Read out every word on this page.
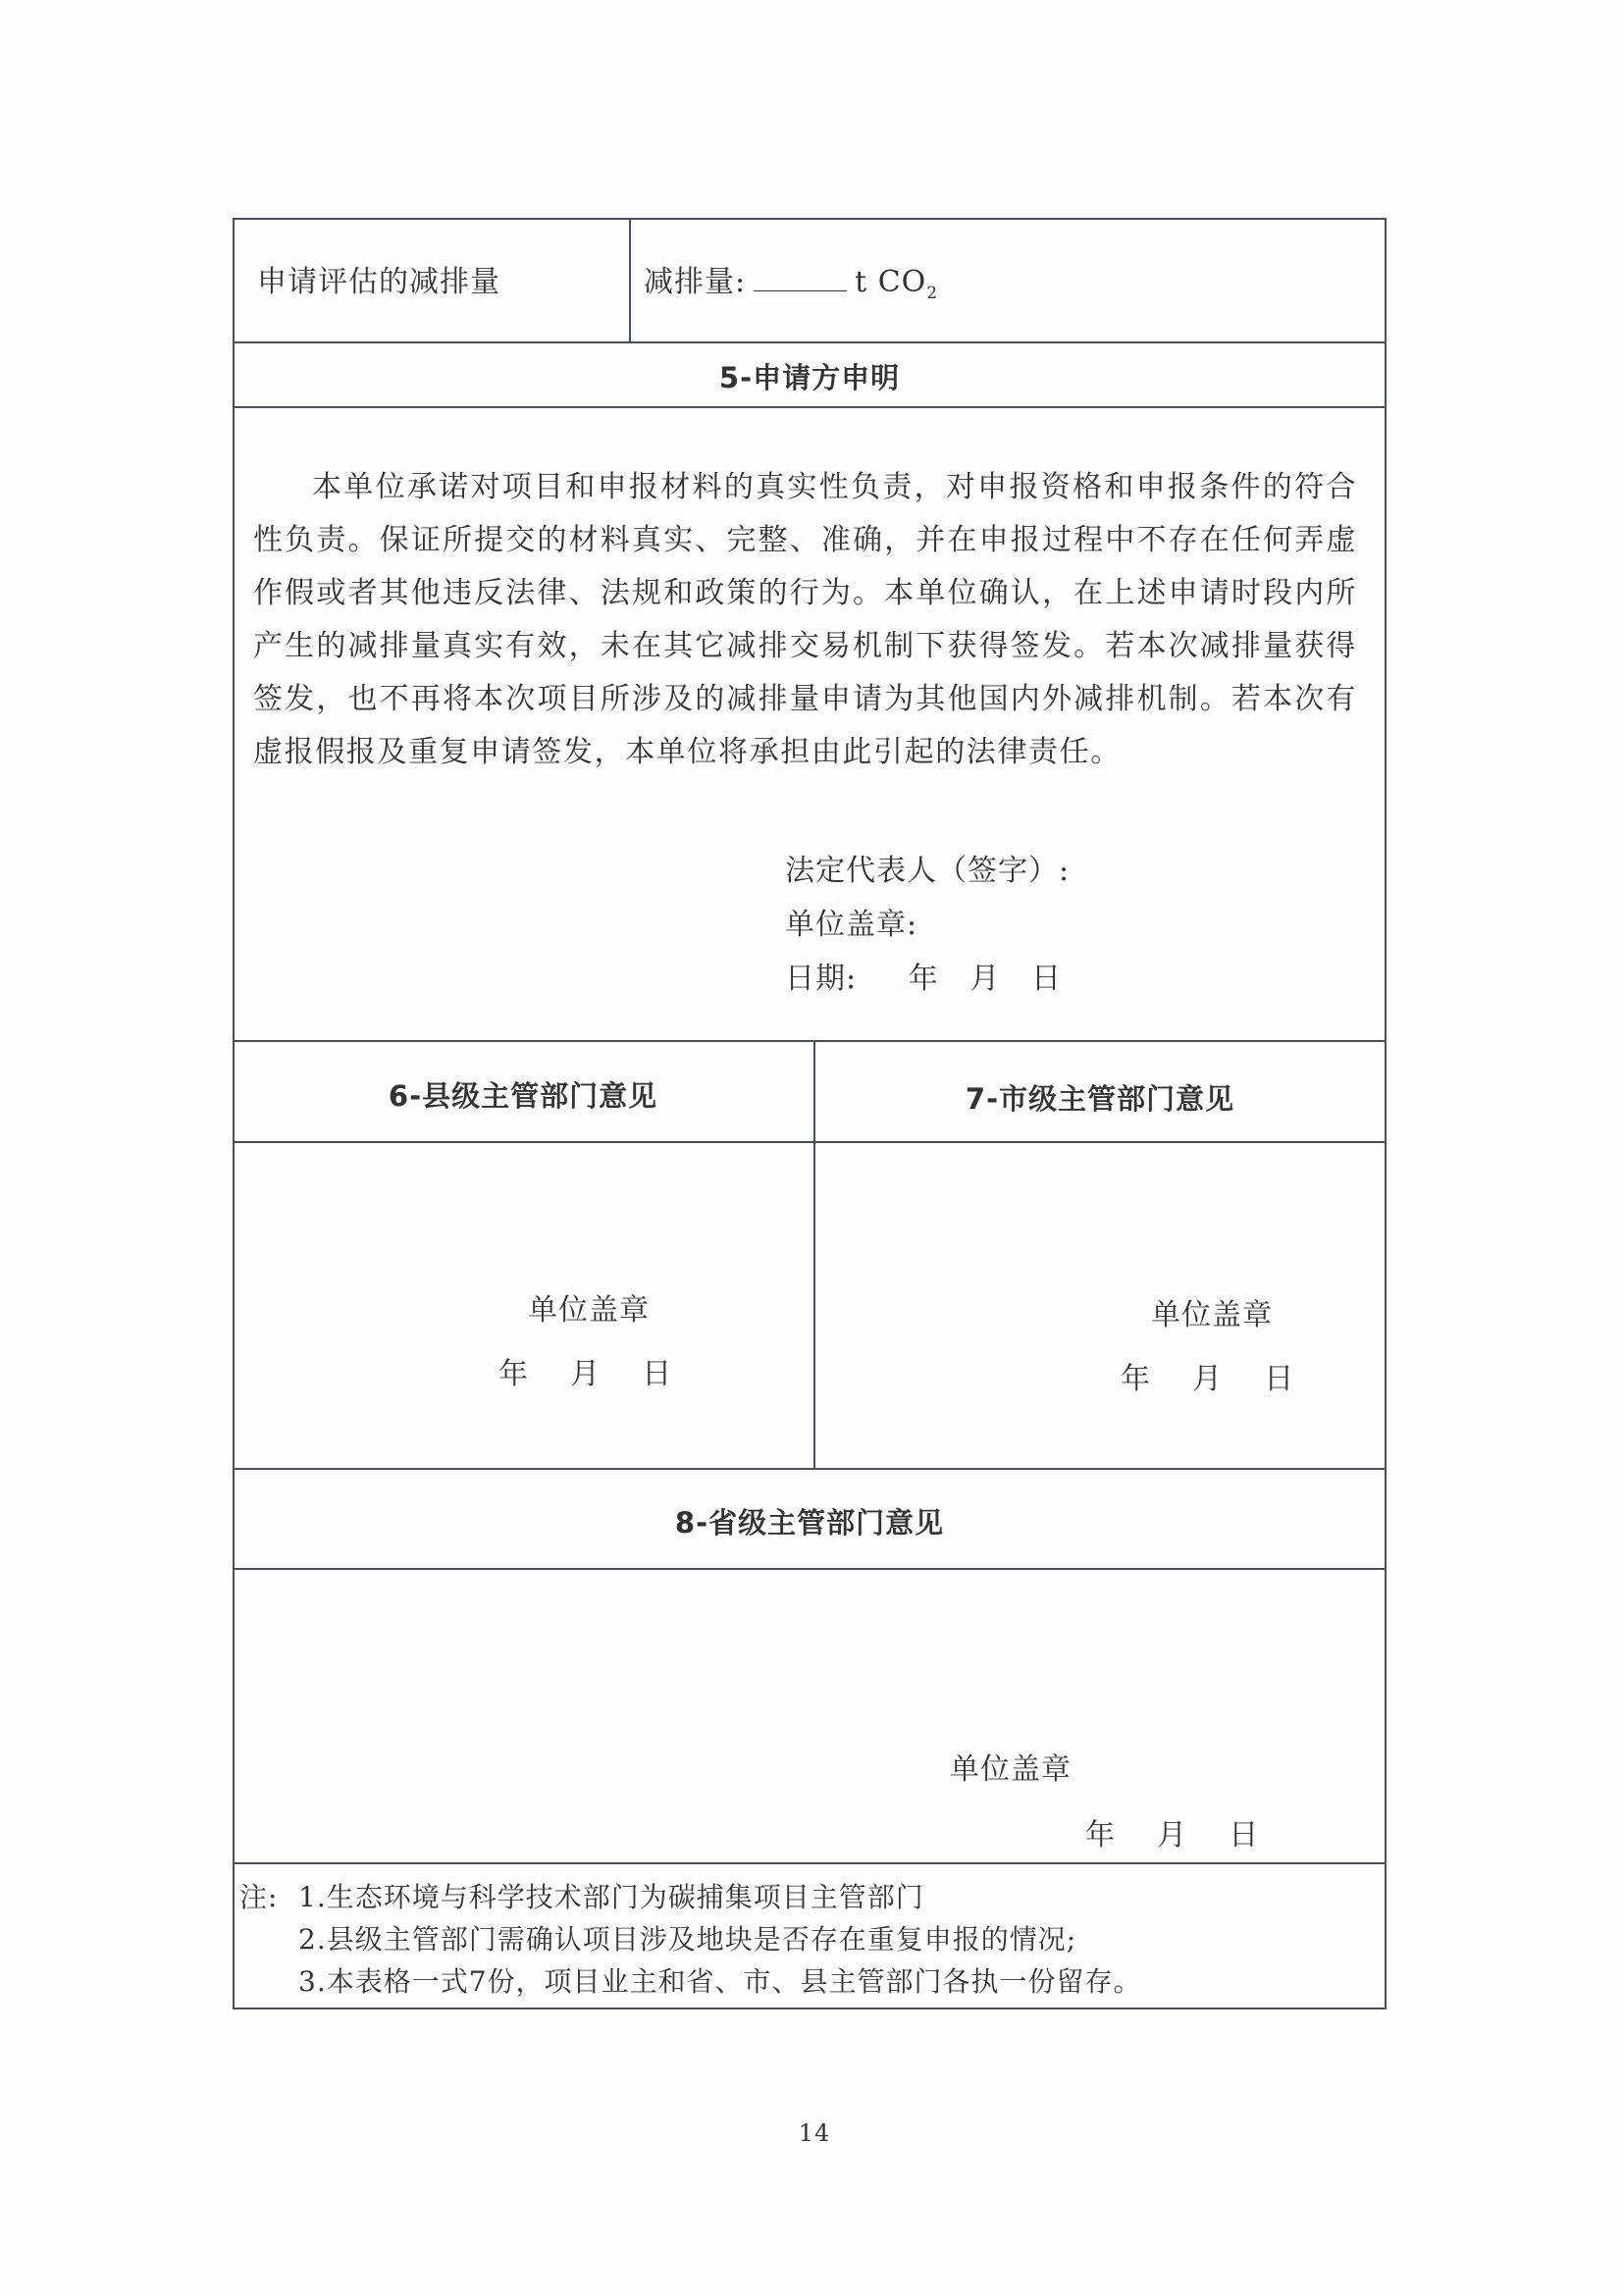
申请评估的减排量	减排量:	t $CO_2$
5-申请方申明
本单位承诺对项目和申报材料的真实性负责，对申报资格和申报条件的符合性负责。保证所提交的材料真实、完整、准确，并在申报过程中不存在任何弄虚作假或者其他违反法律、法规和政策的行为。本单位确认，在上述申请时段内所产生的减排量真实有效，未在其它减排交易机制下获得签发。若本次减排量获得签发，也不再将本次项目所涉及的减排量申请为其他国内外减排机制。若本次有虚报假报及重复申请签发，本单位将承担由此引起的法律责任。
法定代表人（签字）:
单位盖章:
日期:     年   月   日
6-县级主管部门意见	7-市级主管部门意见
单位盖章
年    月    日
单位盖章
年    月    日
8-省级主管部门意见
单位盖章
年    月    日
注: 1.生态环境与科学技术部门为碳捕集项目主管部门
2.县级主管部门需确认项目涉及地块是否存在重复申报的情况;
3.本表格一式7份，项目业主和省、市、县主管部门各执一份留存。
14
